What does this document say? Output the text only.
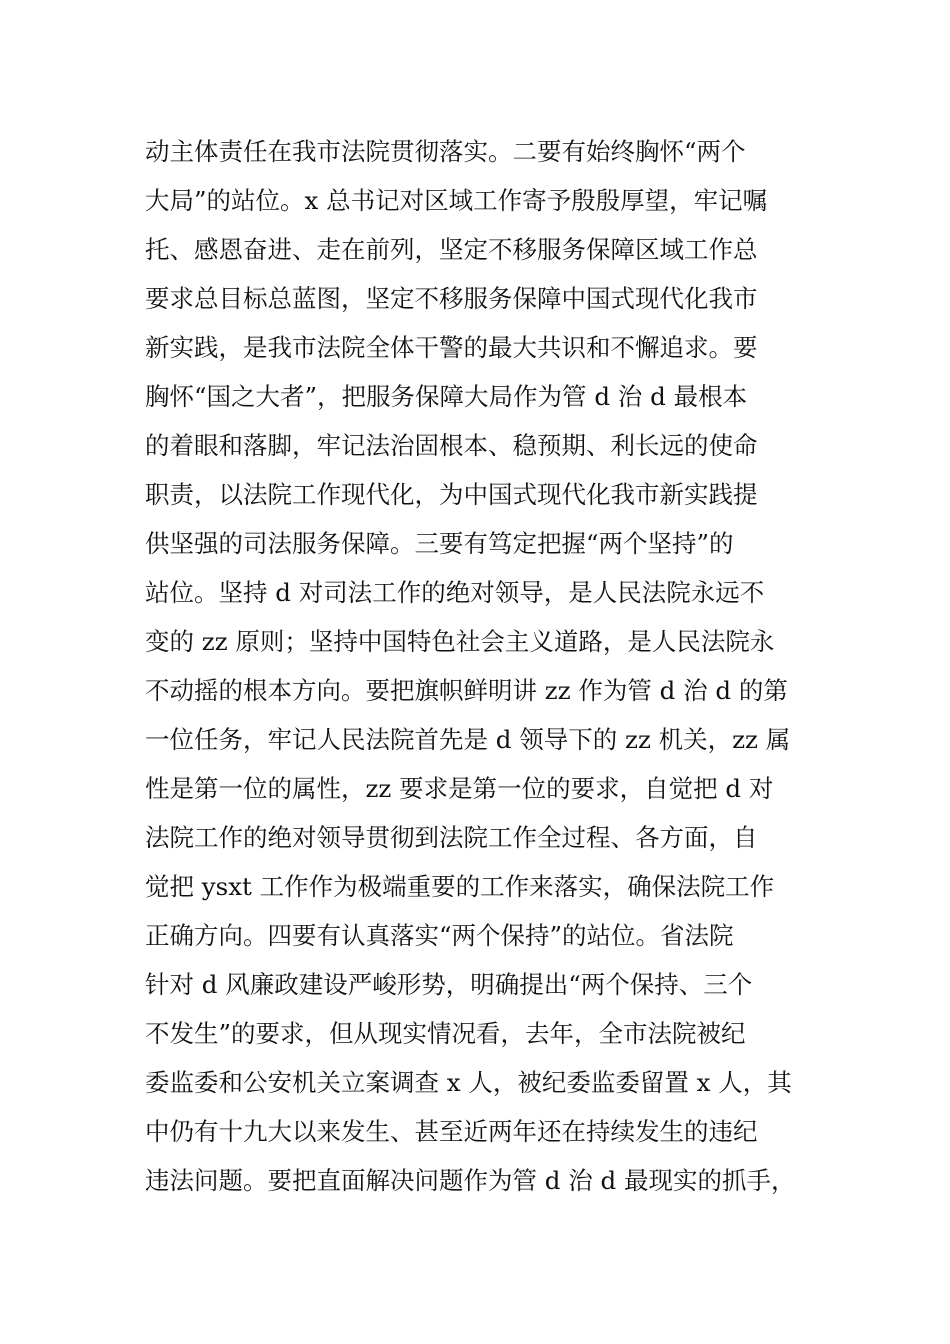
动主体责任在我市法院贯彻落实。二要有始终胸怀“两个
大局”的站位。x 总书记对区域工作寄予殷殷厚望，牢记嘱
托、感恩奋进、走在前列，坚定不移服务保障区域工作总
要求总目标总蓝图，坚定不移服务保障中国式现代化我市
新实践，是我市法院全体干警的最大共识和不懈追求。要
胸怀“国之大者”，把服务保障大局作为管 d 治 d 最根本
的着眼和落脚，牢记法治固根本、稳预期、利长远的使命
职责，以法院工作现代化，为中国式现代化我市新实践提
供坚强的司法服务保障。三要有笃定把握“两个坚持”的
站位。坚持 d 对司法工作的绝对领导，是人民法院永远不
变的 zz 原则；坚持中国特色社会主义道路，是人民法院永
不动摇的根本方向。要把旗帜鲜明讲 zz 作为管 d 治 d 的第
一位任务，牢记人民法院首先是 d 领导下的 zz 机关，zz 属
性是第一位的属性，zz 要求是第一位的要求，自觉把 d 对
法院工作的绝对领导贯彻到法院工作全过程、各方面，自
觉把 ysxt 工作作为极端重要的工作来落实，确保法院工作
正确方向。四要有认真落实“两个保持”的站位。省法院
针对 d 风廉政建设严峻形势，明确提出“两个保持、三个
不发生”的要求，但从现实情况看，去年，全市法院被纪
委监委和公安机关立案调查 x 人，被纪委监委留置 x 人，其
中仍有十九大以来发生、甚至近两年还在持续发生的违纪
违法问题。要把直面解决问题作为管 d 治 d 最现实的抓手，
